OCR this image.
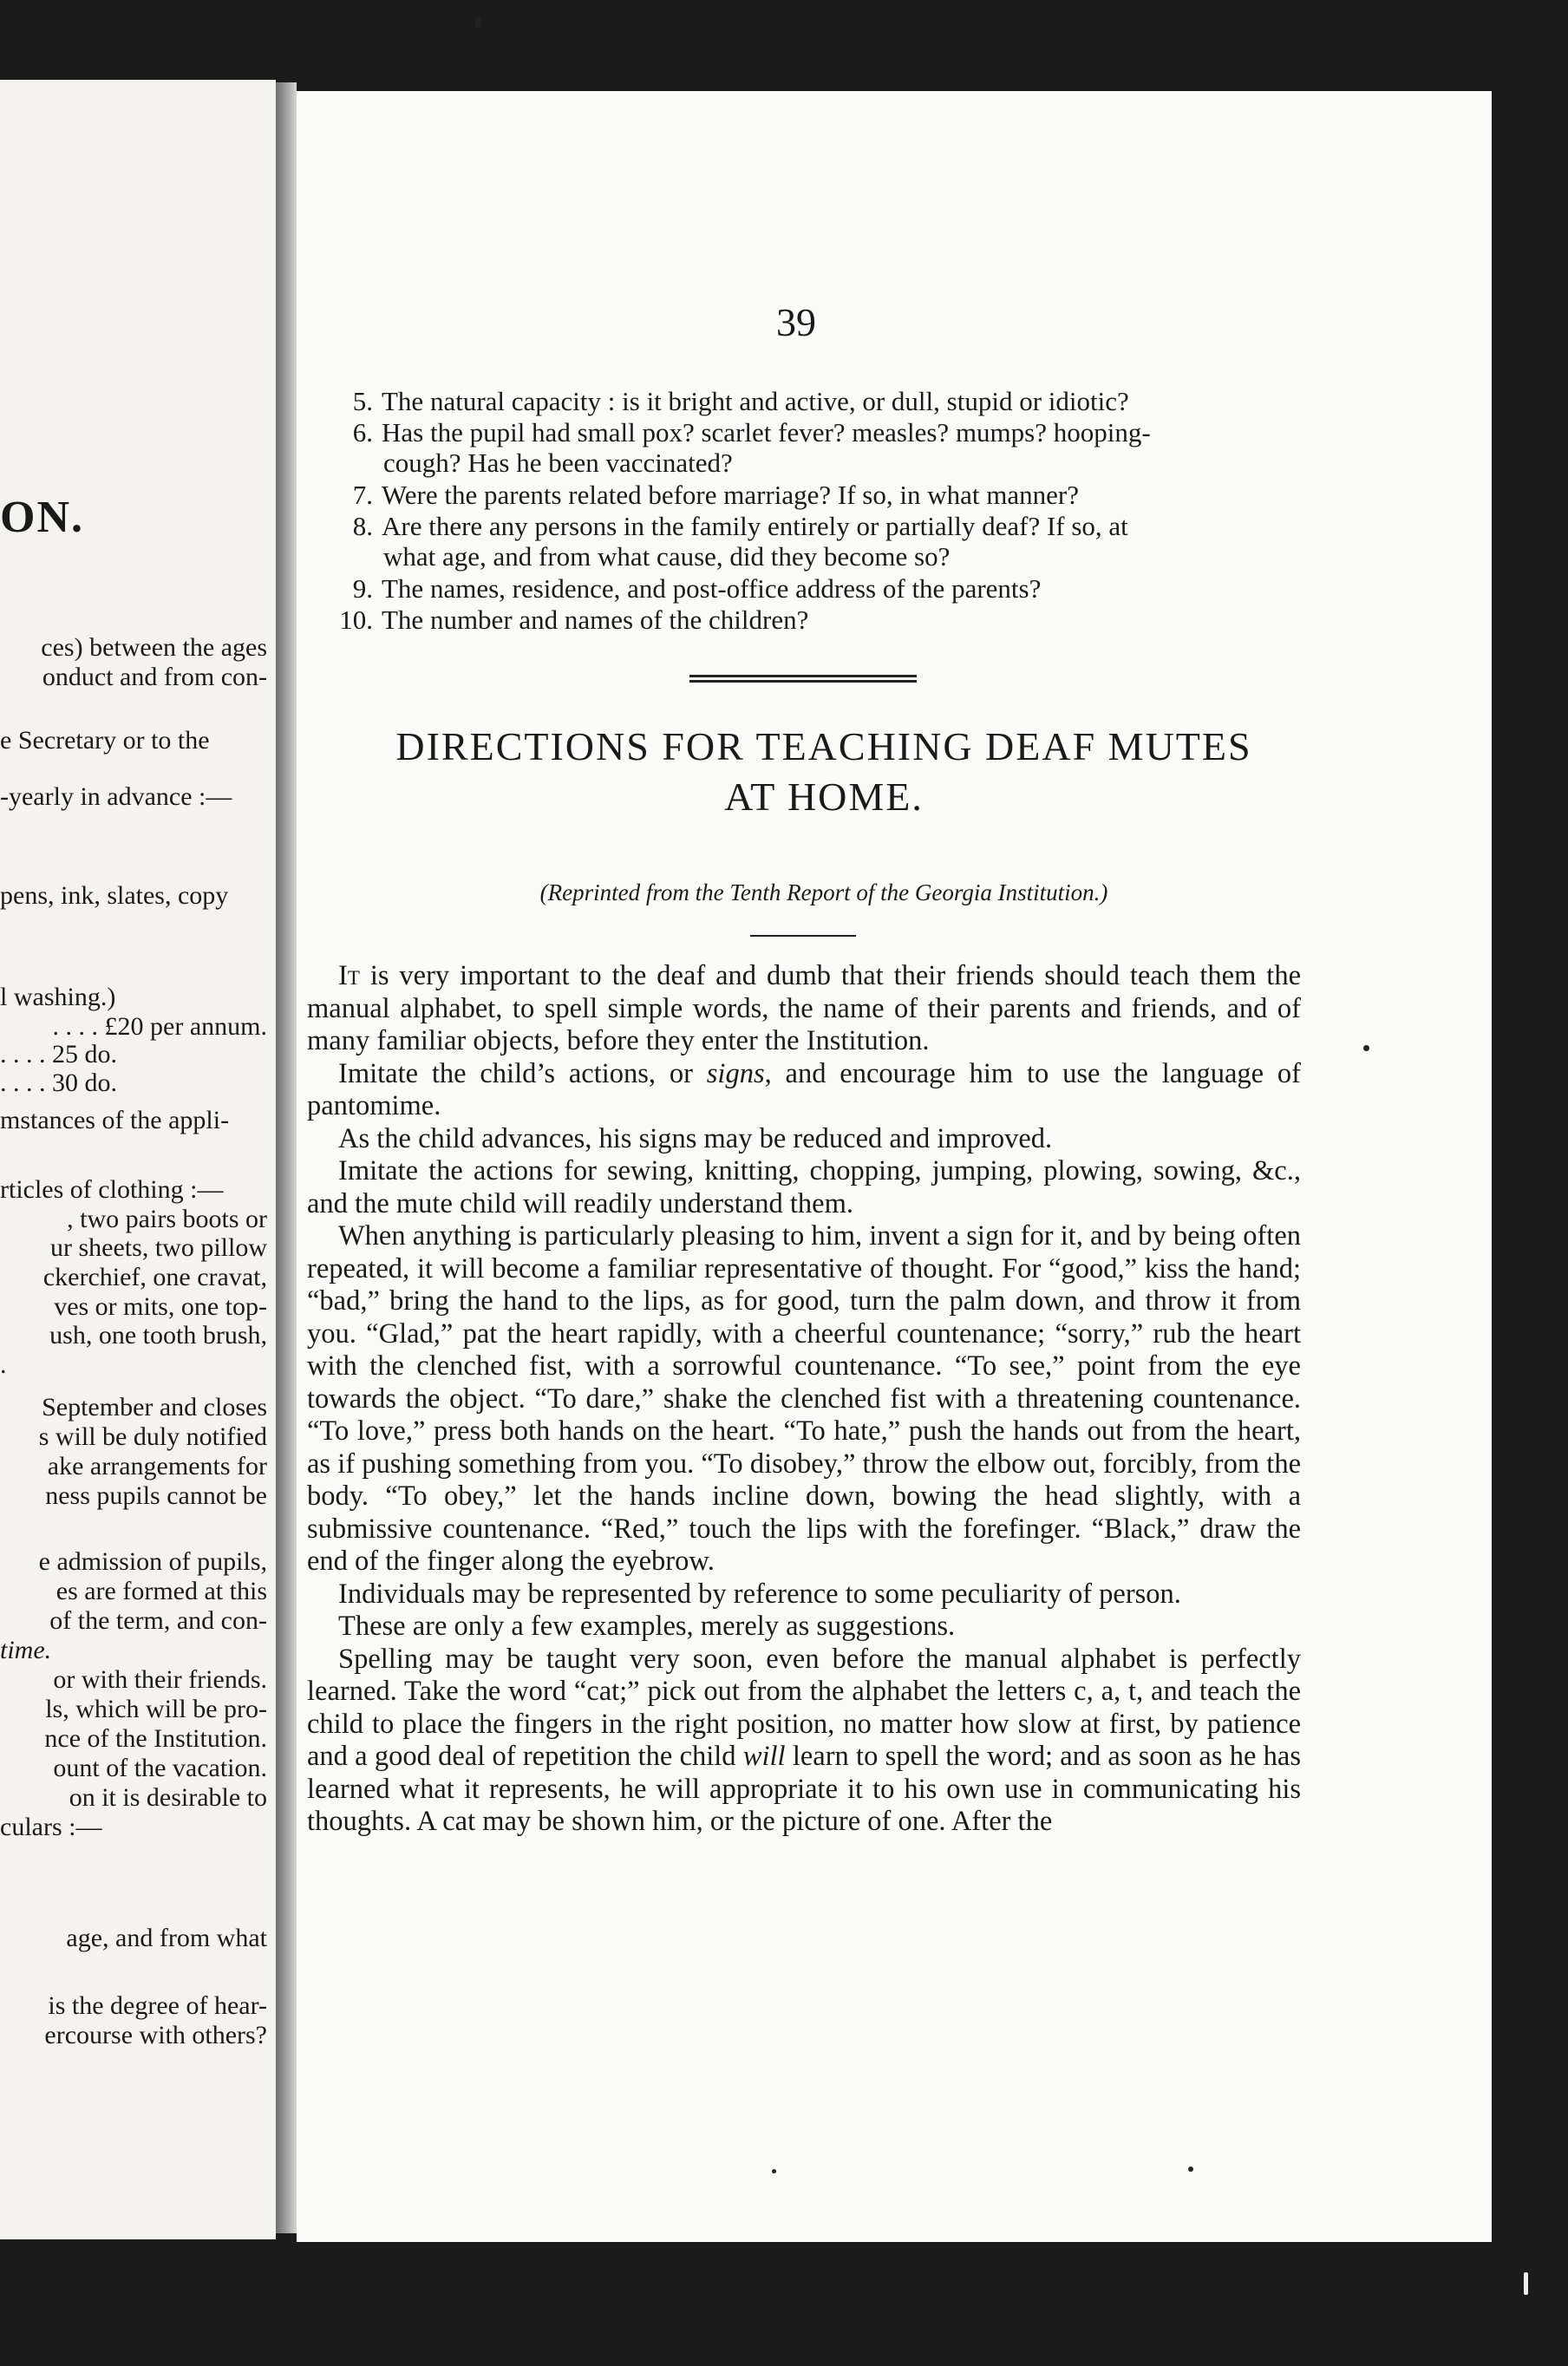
ON.
ces) between the ages
onduct and from con-
e Secretary or to the
-yearly in advance :—
pens, ink, slates, copy
l washing.)
. . . . £20 per annum.
. . . . 25 do.
. . . . 30 do.
mstances of the appli-
rticles of clothing :—
, two pairs boots or
ur sheets, two pillow
ckerchief, one cravat,
ves or mits, one top-
ush, one tooth brush,
.
September and closes
s will be duly notified
ake arrangements for
ness pupils cannot be
e admission of pupils,
es are formed at this
of the term, and con-
time.
or with their friends.
ls, which will be pro-
nce of the Institution.
ount of the vacation.
on it is desirable to
culars :—
age, and from what
is the degree of hear-
ercourse with others?
39
5. The natural capacity : is it bright and active, or dull, stupid or idiotic?
6. Has the pupil had small pox? scarlet fever? measles? mumps? hooping-
cough? Has he been vaccinated?
7. Were the parents related before marriage? If so, in what manner?
8. Are there any persons in the family entirely or partially deaf? If so, at
what age, and from what cause, did they become so?
9. The names, residence, and post-office address of the parents?
10. The number and names of the children?
DIRECTIONS FOR TEACHING DEAF MUTES
AT HOME.
(Reprinted from the Tenth Report of the Georgia Institution.)

It is very important to the deaf and dumb that their friends should teach them the manual alphabet, to spell simple words, the name of their parents and friends, and of many familiar objects, before they enter the Institution.

Imitate the child’s actions, or signs, and encourage him to use the language of pantomime.

As the child advances, his signs may be reduced and improved.

Imitate the actions for sewing, knitting, chopping, jumping, plowing, sowing, &c., and the mute child will readily understand them.

When anything is particularly pleasing to him, invent a sign for it, and by being often repeated, it will become a familiar representative of thought. For “good,” kiss the hand; “bad,” bring the hand to the lips, as for good, turn the palm down, and throw it from you. “Glad,” pat the heart rapidly, with a cheerful countenance; “sorry,” rub the heart with the clenched fist, with a sorrowful countenance. “To see,” point from the eye towards the object. “To dare,” shake the clenched fist with a threatening countenance. “To love,” press both hands on the heart. “To hate,” push the hands out from the heart, as if pushing something from you. “To disobey,” throw the elbow out, forcibly, from the body. “To obey,” let the hands incline down, bowing the head slightly, with a submissive countenance. “Red,” touch the lips with the forefinger. “Black,” draw the end of the finger along the eyebrow.

Individuals may be represented by reference to some peculiarity of person.

These are only a few examples, merely as suggestions.

Spelling may be taught very soon, even before the manual alphabet is perfectly learned. Take the word “cat;” pick out from the alphabet the letters c, a, t, and teach the child to place the fingers in the right position, no matter how slow at first, by patience and a good deal of repetition the child will learn to spell the word; and as soon as he has learned what it represents, he will appropriate it to his own use in communicating his thoughts. A cat may be shown him, or the picture of one. After the
